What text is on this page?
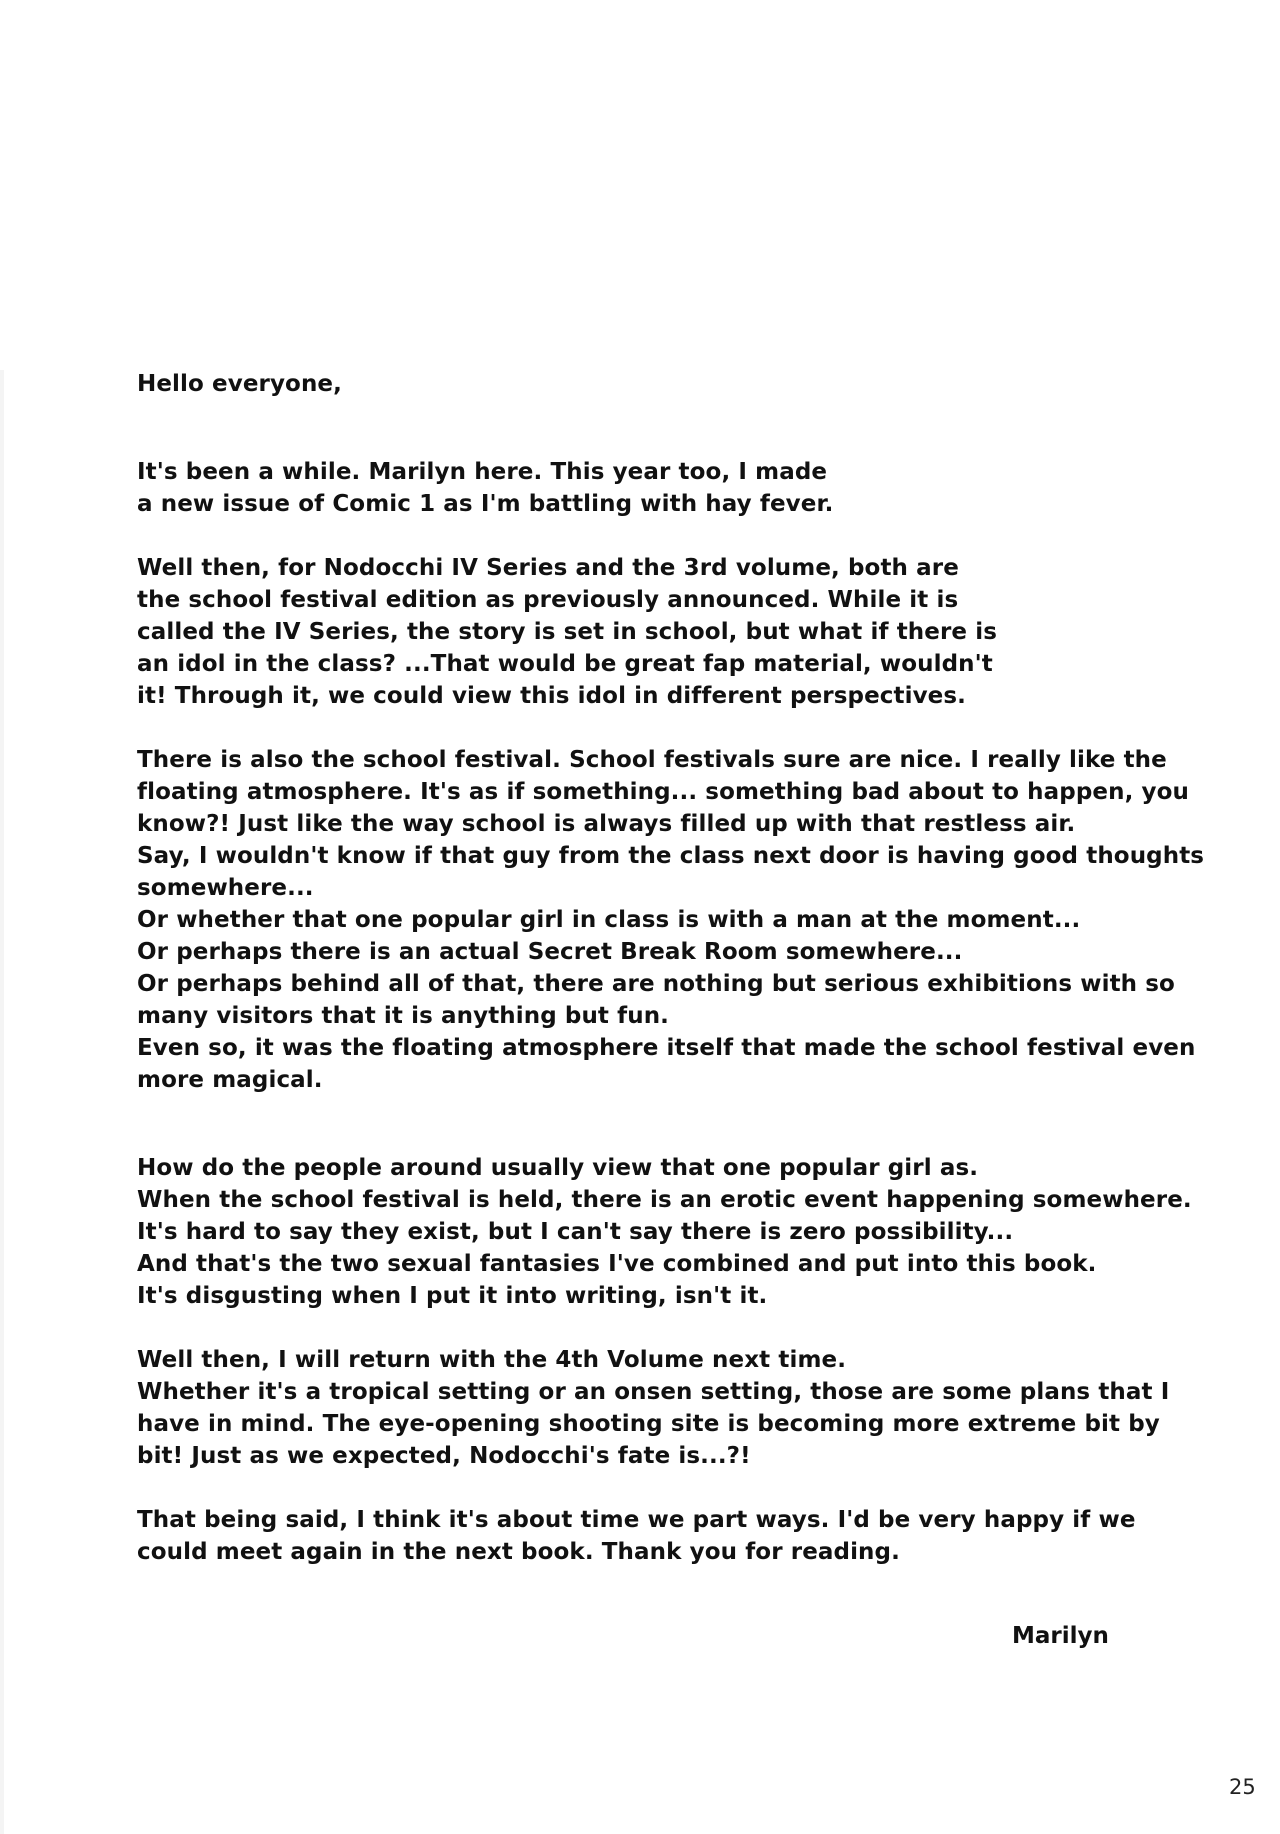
Hello everyone,

It's been a while. Marilyn here. This year too, I made
a new issue of Comic 1 as I'm battling with hay fever.

Well then, for Nodocchi IV Series and the 3rd volume, both are
the school festival edition as previously announced. While it is
called the IV Series, the story is set in school, but what if there is
an idol in the class? ...That would be great fap material, wouldn't
it! Through it, we could view this idol in different perspectives.

There is also the school festival. School festivals sure are nice. I really like the
floating atmosphere. It's as if something... something bad about to happen, you
know?! Just like the way school is always filled up with that restless air.
Say, I wouldn't know if that guy from the class next door is having good thoughts
somewhere...
Or whether that one popular girl in class is with a man at the moment...
Or perhaps there is an actual Secret Break Room somewhere...
Or perhaps behind all of that, there are nothing but serious exhibitions with so
many visitors that it is anything but fun.
Even so, it was the floating atmosphere itself that made the school festival even
more magical.

How do the people around usually view that one popular girl as.
When the school festival is held, there is an erotic event happening somewhere.
It's hard to say they exist, but I can't say there is zero possibility...
And that's the two sexual fantasies I've combined and put into this book.
It's disgusting when I put it into writing, isn't it.

Well then, I will return with the 4th Volume next time.
Whether it's a tropical setting or an onsen setting, those are some plans that I
have in mind. The eye-opening shooting site is becoming more extreme bit by
bit! Just as we expected, Nodocchi's fate is...?!

That being said, I think it's about time we part ways. I'd be very happy if we
could meet again in the next book. Thank you for reading.

Marilyn
25
